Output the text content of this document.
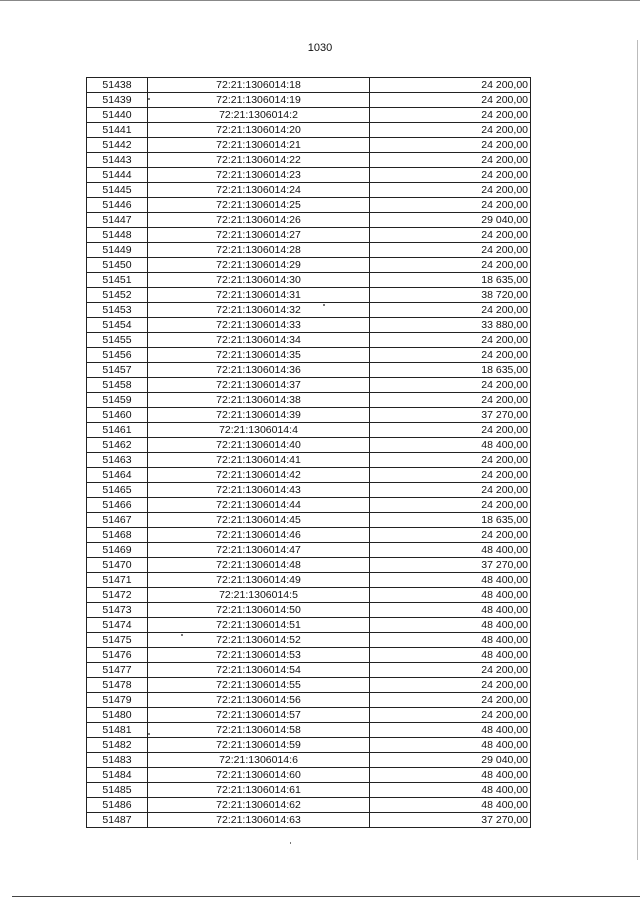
1030
51438	72:21:1306014:18	24 200,00
51439	72:21:1306014:19	24 200,00
51440	72:21:1306014:2	24 200,00
51441	72:21:1306014:20	24 200,00
51442	72:21:1306014:21	24 200,00
51443	72:21:1306014:22	24 200,00
51444	72:21:1306014:23	24 200,00
51445	72:21:1306014:24	24 200,00
51446	72:21:1306014:25	24 200,00
51447	72:21:1306014:26	29 040,00
51448	72:21:1306014:27	24 200,00
51449	72:21:1306014:28	24 200,00
51450	72:21:1306014:29	24 200,00
51451	72:21:1306014:30	18 635,00
51452	72:21:1306014:31	38 720,00
51453	72:21:1306014:32	24 200,00
51454	72:21:1306014:33	33 880,00
51455	72:21:1306014:34	24 200,00
51456	72:21:1306014:35	24 200,00
51457	72:21:1306014:36	18 635,00
51458	72:21:1306014:37	24 200,00
51459	72:21:1306014:38	24 200,00
51460	72:21:1306014:39	37 270,00
51461	72:21:1306014:4	24 200,00
51462	72:21:1306014:40	48 400,00
51463	72:21:1306014:41	24 200,00
51464	72:21:1306014:42	24 200,00
51465	72:21:1306014:43	24 200,00
51466	72:21:1306014:44	24 200,00
51467	72:21:1306014:45	18 635,00
51468	72:21:1306014:46	24 200,00
51469	72:21:1306014:47	48 400,00
51470	72:21:1306014:48	37 270,00
51471	72:21:1306014:49	48 400,00
51472	72:21:1306014:5	48 400,00
51473	72:21:1306014:50	48 400,00
51474	72:21:1306014:51	48 400,00
51475	72:21:1306014:52	48 400,00
51476	72:21:1306014:53	48 400,00
51477	72:21:1306014:54	24 200,00
51478	72:21:1306014:55	24 200,00
51479	72:21:1306014:56	24 200,00
51480	72:21:1306014:57	24 200,00
51481	72:21:1306014:58	48 400,00
51482	72:21:1306014:59	48 400,00
51483	72:21:1306014:6	29 040,00
51484	72:21:1306014:60	48 400,00
51485	72:21:1306014:61	48 400,00
51486	72:21:1306014:62	48 400,00
51487	72:21:1306014:63	37 270,00
